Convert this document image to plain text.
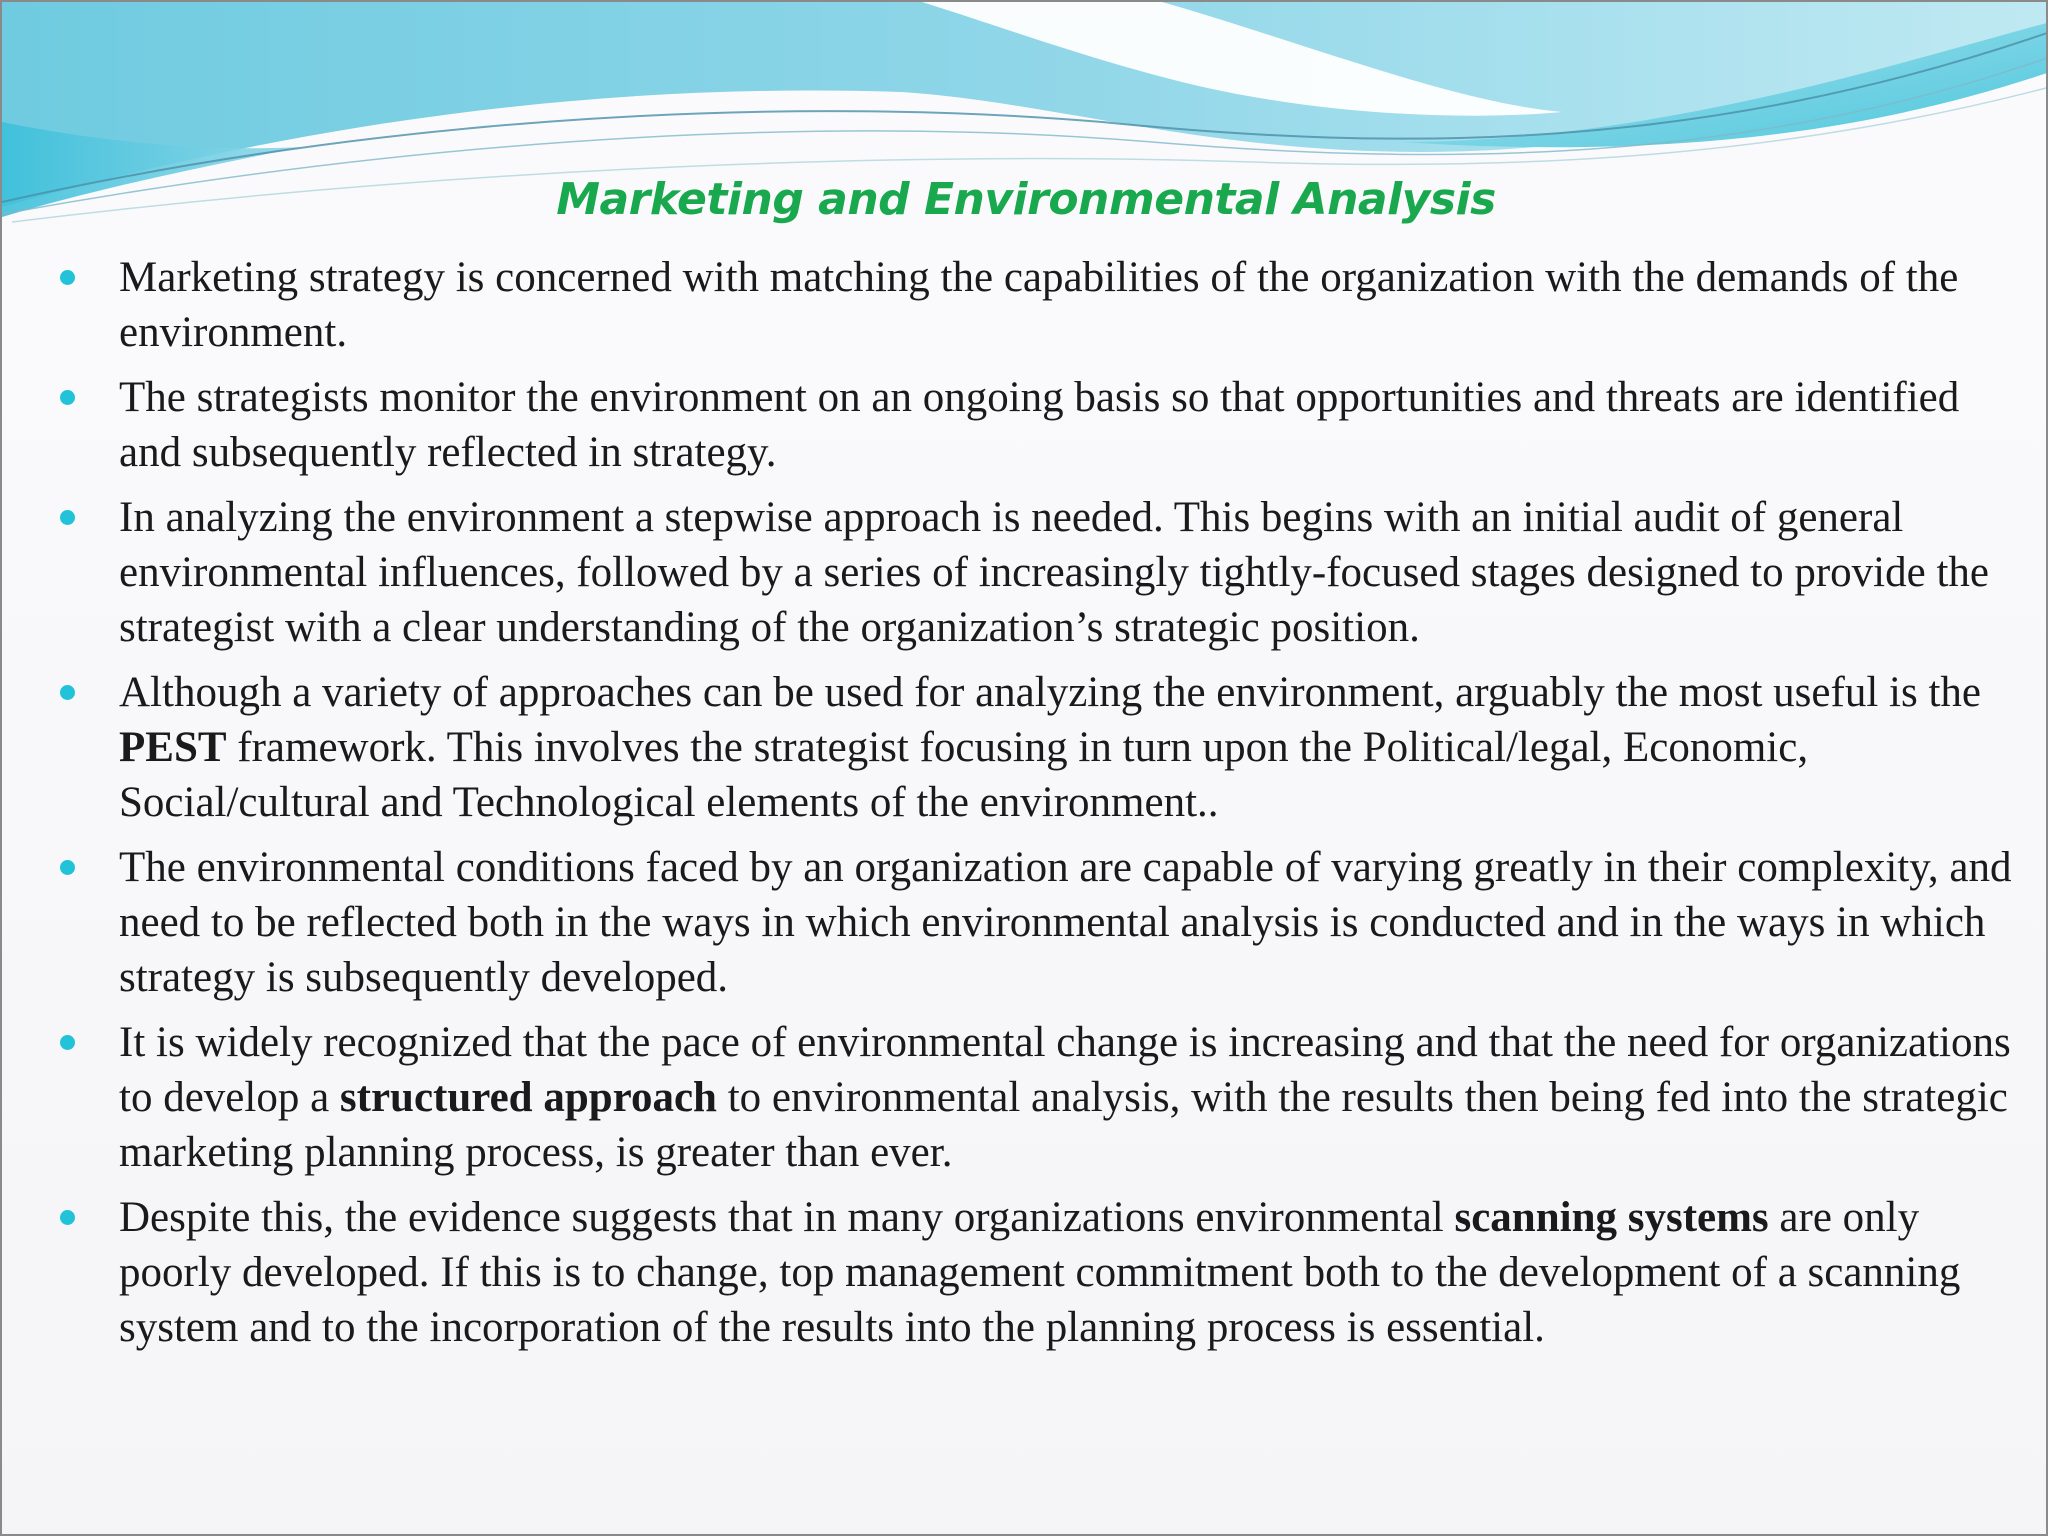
Marketing and Environmental Analysis
Marketing strategy is concerned with matching the capabilities of the organization with the demands of the environment.
The strategists monitor the environment on an ongoing basis so that opportunities and threats are identified and subsequently reflected in strategy.
In analyzing the environment a stepwise approach is needed. This begins with an initial audit of general environmental influences, followed by a series of increasingly tightly-focused stages designed to provide the strategist with a clear understanding of the organization’s strategic position.
Although a variety of approaches can be used for analyzing the environment, arguably the most useful is the PEST framework. This involves the strategist focusing in turn upon the Political/legal, Economic, Social/cultural and Technological elements of the environment..
The environmental conditions faced by an organization are capable of varying greatly in their complexity, and need to be reflected both in the ways in which environmental analysis is conducted and in the ways in which strategy is subsequently developed.
It is widely recognized that the pace of environmental change is increasing and that the need for organizations to develop a structured approach to environmental analysis, with the results then being fed into the strategic marketing planning process, is greater than ever.
Despite this, the evidence suggests that in many organizations environmental scanning systems are only poorly developed. If this is to change, top management commitment both to the development of a scanning system and to the incorporation of the results into the planning process is essential.
